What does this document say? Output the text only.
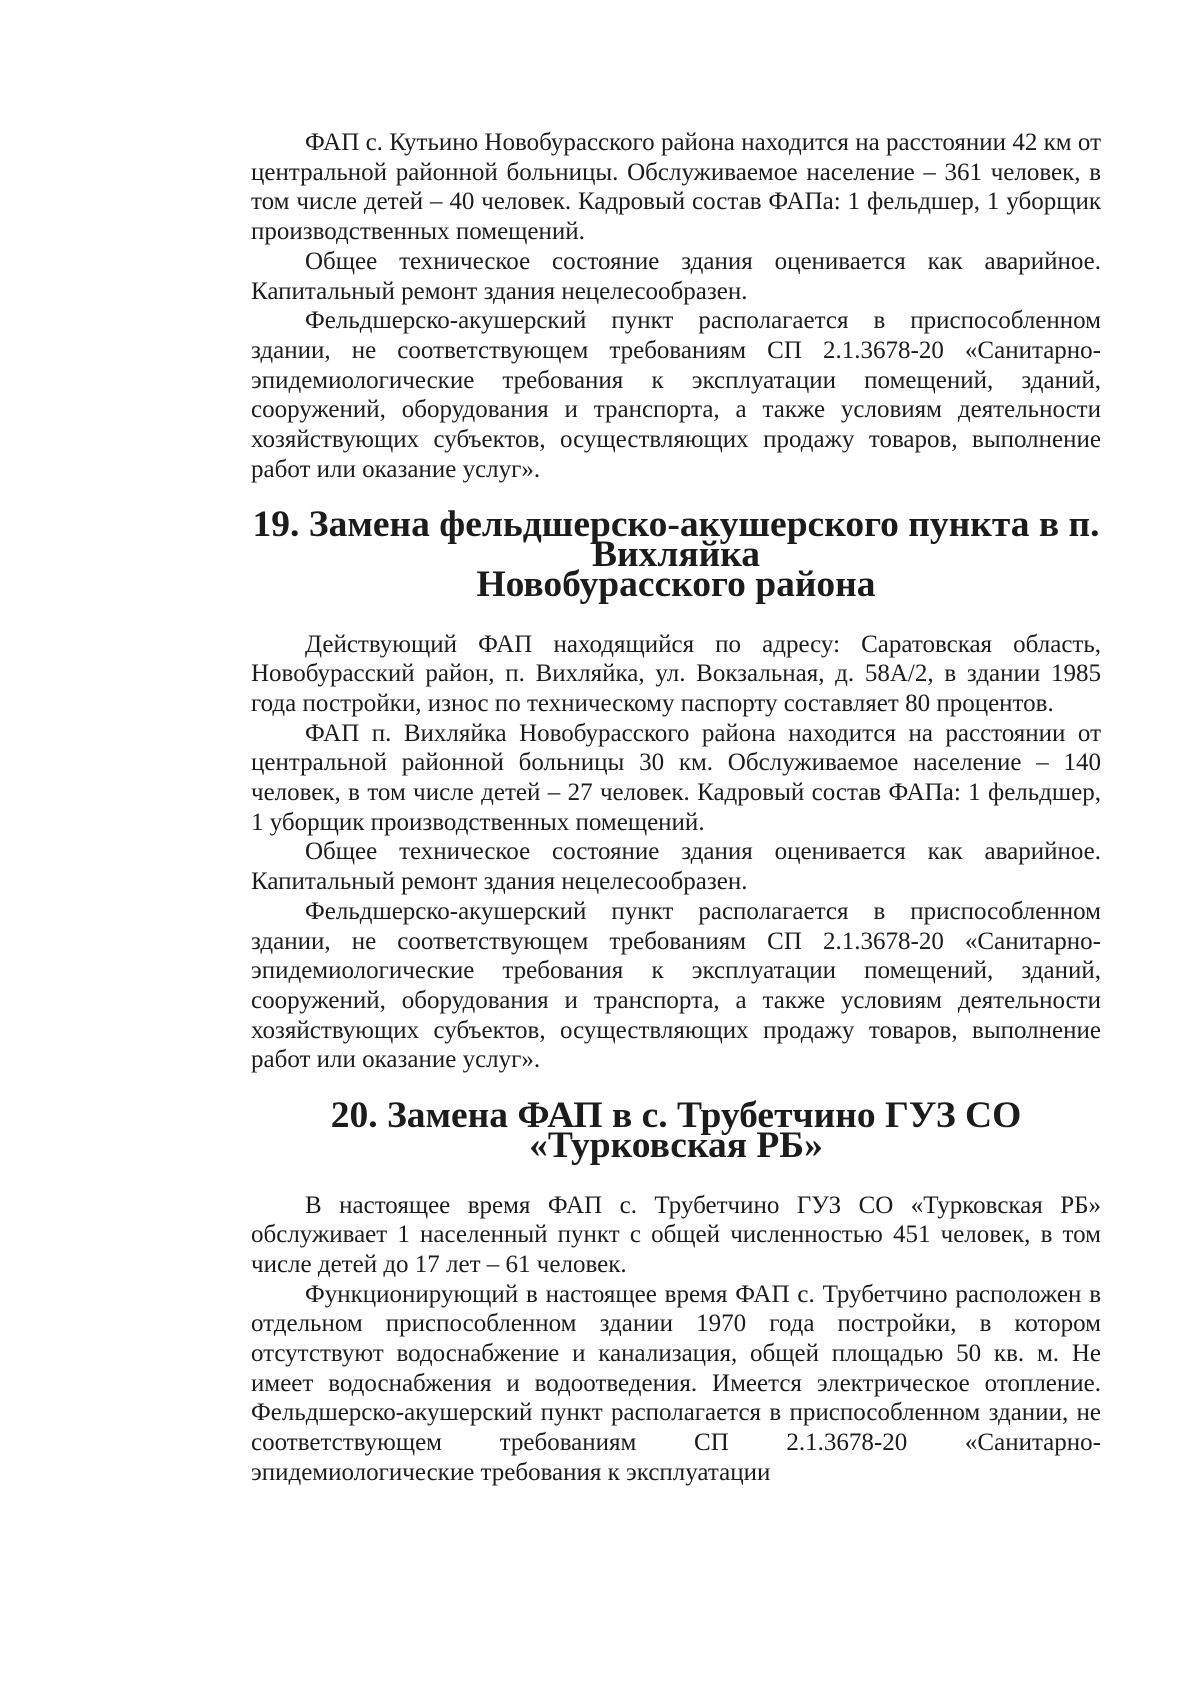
ФАП с. Кутьино Новобурасского района находится на расстоянии 42 км от центральной районной больницы. Обслуживаемое население – 361 человек, в том числе детей – 40 человек. Кадровый состав ФАПа: 1 фельдшер, 1 уборщик производственных помещений.

Общее техническое состояние здания оценивается как аварийное. Капитальный ремонт здания нецелесообразен.

Фельдшерско-акушерский пункт располагается в приспособленном здании, не соответствующем требованиям СП 2.1.3678-20 «Санитарно-эпидемиологические требования к эксплуатации помещений, зданий, сооружений, оборудования и транспорта, а также условиям деятельности хозяйствующих субъектов, осуществляющих продажу товаров, выполнение работ или оказание услуг».

19. Замена фельдшерско-акушерского пункта в п. Вихляйка
Новобурасского района

Действующий ФАП находящийся по адресу: Саратовская область, Новобурасский район, п. Вихляйка, ул. Вокзальная, д. 58А/2, в здании 1985 года постройки, износ по техническому паспорту составляет 80 процентов.

ФАП п. Вихляйка Новобурасского района находится на расстоянии от центральной районной больницы 30 км. Обслуживаемое население – 140 человек, в том числе детей – 27 человек. Кадровый состав ФАПа: 1 фельдшер, 1 уборщик производственных помещений.

Общее техническое состояние здания оценивается как аварийное. Капитальный ремонт здания нецелесообразен.

Фельдшерско-акушерский пункт располагается в приспособленном здании, не соответствующем требованиям СП 2.1.3678-20 «Санитарно-эпидемиологические требования к эксплуатации помещений, зданий, сооружений, оборудования и транспорта, а также условиям деятельности хозяйствующих субъектов, осуществляющих продажу товаров, выполнение работ или оказание услуг».

20. Замена ФАП в с. Трубетчино ГУЗ СО «Турковская РБ»

В настоящее время ФАП с. Трубетчино ГУЗ СО «Турковская РБ» обслуживает 1 населенный пункт с общей численностью 451 человек, в том числе детей до 17 лет – 61 человек.

Функционирующий в настоящее время ФАП с. Трубетчино расположен в отдельном приспособленном здании 1970 года постройки, в котором отсутствуют водоснабжение и канализация, общей площадью 50 кв. м. Не имеет водоснабжения и водоотведения. Имеется электрическое отопление. Фельдшерско-акушерский пункт располагается в приспособленном здании, не соответствующем требованиям СП 2.1.3678-20 «Санитарно-эпидемиологические требования к эксплуатации
